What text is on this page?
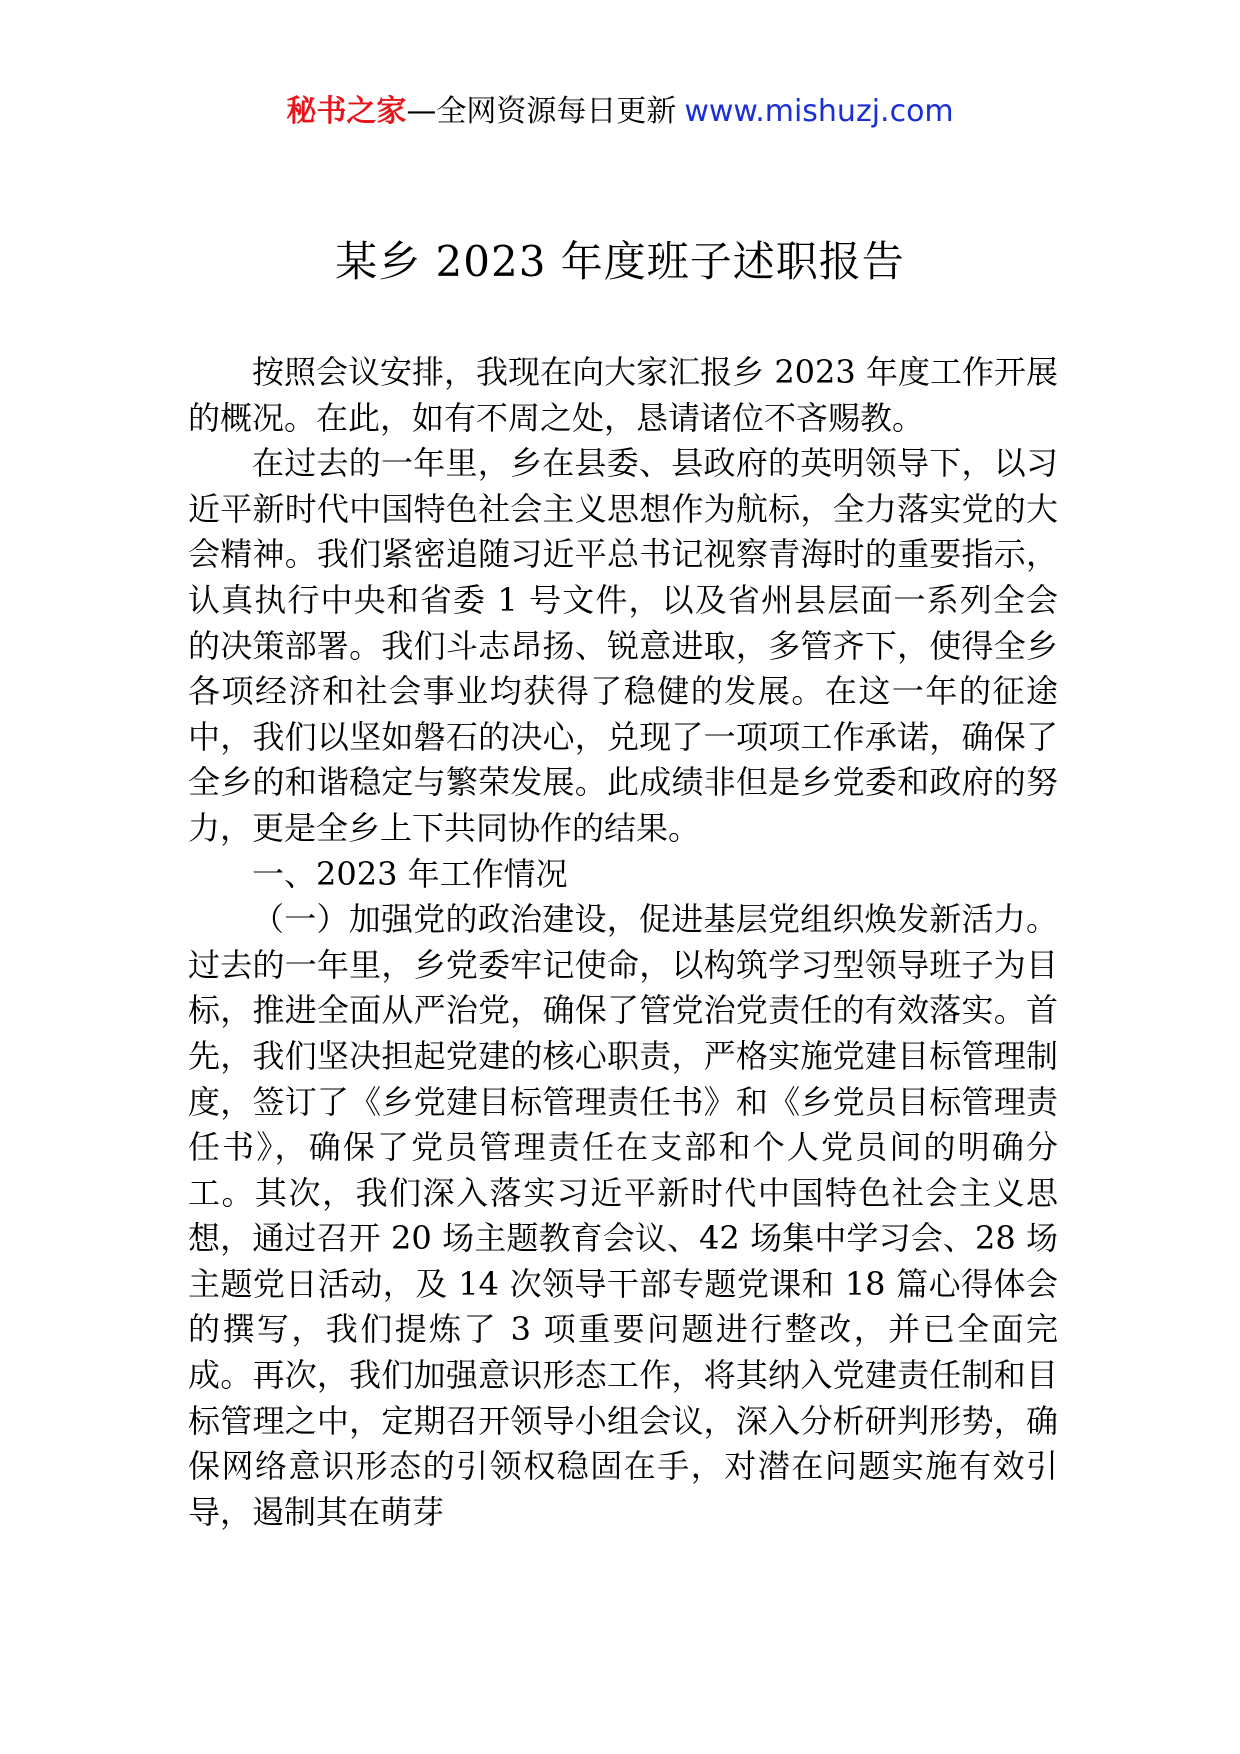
秘书之家—全网资源每日更新 www.mishuzj.com
某乡 2023 年度班子述职报告

按照会议安排，我现在向大家汇报乡 2023 年度工作开展的概况。在此，如有不周之处，恳请诸位不吝赐教。

在过去的一年里，乡在县委、县政府的英明领导下，以习近平新时代中国特色社会主义思想作为航标，全力落实党的大会精神。我们紧密追随习近平总书记视察青海时的重要指示，认真执行中央和省委 1 号文件，以及省州县层面一系列全会的决策部署。我们斗志昂扬、锐意进取，多管齐下，使得全乡各项经济和社会事业均获得了稳健的发展。在这一年的征途中，我们以坚如磐石的决心，兑现了一项项工作承诺，确保了全乡的和谐稳定与繁荣发展。此成绩非但是乡党委和政府的努力，更是全乡上下共同协作的结果。

一、2023 年工作情况

（一）加强党的政治建设，促进基层党组织焕发新活力。过去的一年里，乡党委牢记使命，以构筑学习型领导班子为目标，推进全面从严治党，确保了管党治党责任的有效落实。首先，我们坚决担起党建的核心职责，严格实施党建目标管理制度，签订了《乡党建目标管理责任书》和《乡党员目标管理责任书》，确保了党员管理责任在支部和个人党员间的明确分工。其次，我们深入落实习近平新时代中国特色社会主义思想，通过召开 20 场主题教育会议、42 场集中学习会、28 场主题党日活动，及 14 次领导干部专题党课和 18 篇心得体会的撰写，我们提炼了 3 项重要问题进行整改，并已全面完成。再次，我们加强意识形态工作，将其纳入党建责任制和目标管理之中，定期召开领导小组会议，深入分析研判形势，确保网络意识形态的引领权稳固在手，对潜在问题实施有效引导，遏制其在萌芽
